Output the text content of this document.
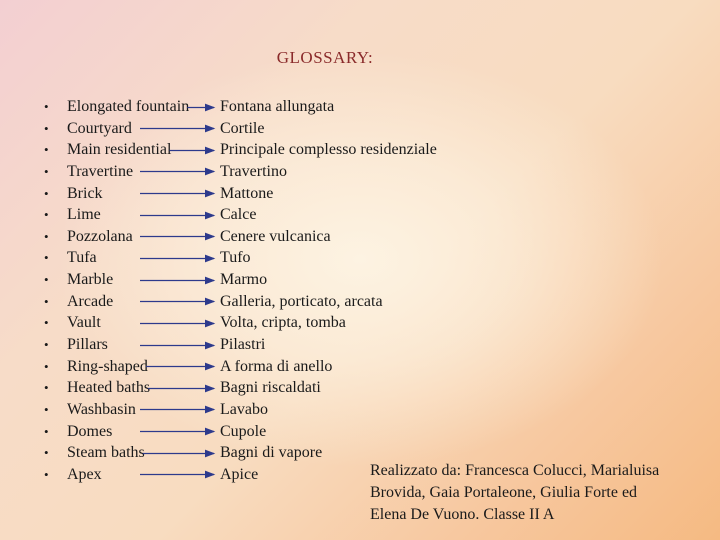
GLOSSARY:
• Elongated fountain
• Courtyard
• Main residential
• Travertine
• Brick
• Lime
• Pozzolana
• Tufa
• Marble
• Arcade
• Vault
• Pillars
• Ring-shaped
• Heated baths
• Washbasin
• Domes
• Steam baths
• Apex
Fontana allungata
Cortile
Principale complesso residenziale
Travertino
Mattone
Calce
Cenere vulcanica
Tufo
Marmo
Galleria, porticato, arcata
Volta, cripta, tomba
Pilastri
A forma di anello
Bagni riscaldati
Lavabo
Cupole
Bagni di vapore
Apice	Realizzato da: Francesca Colucci, Marialuisa
Brovida, Gaia Portaleone, Giulia Forte ed
Elena De Vuono. Classe II A
